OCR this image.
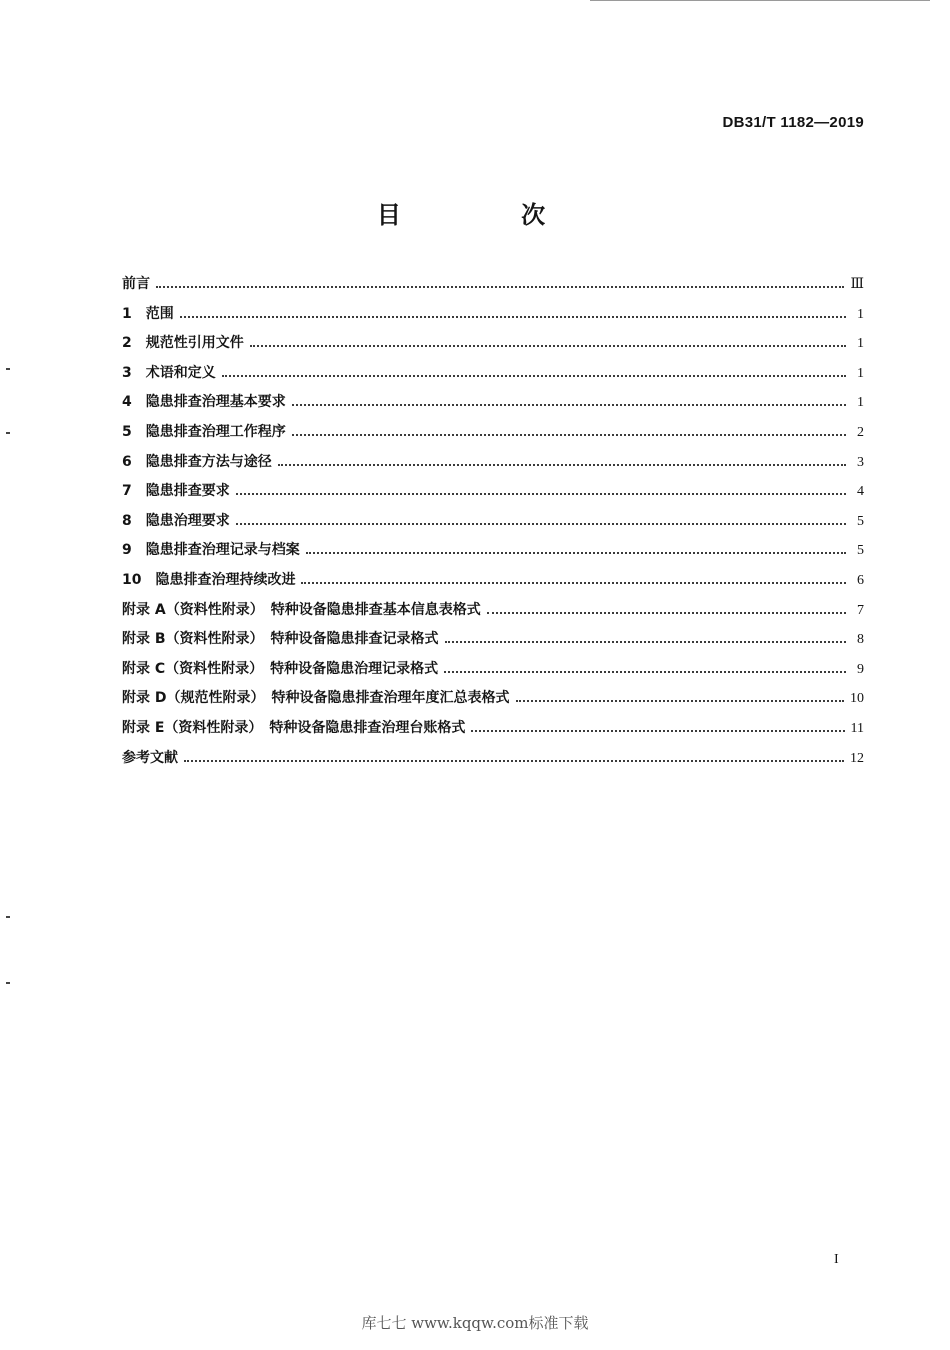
DB31/T 1182—2019
目 次
前言	Ⅲ
1　范围	1
2　规范性引用文件	1
3　术语和定义	1
4　隐患排查治理基本要求	1
5　隐患排查治理工作程序	2
6　隐患排查方法与途径	3
7　隐患排查要求	4
8　隐患治理要求	5
9　隐患排查治理记录与档案	5
10　隐患排查治理持续改进	6
附录 A（资料性附录）　特种设备隐患排查基本信息表格式	7
附录 B（资料性附录）　特种设备隐患排查记录格式	8
附录 C（资料性附录）　特种设备隐患治理记录格式	9
附录 D（规范性附录）　特种设备隐患排查治理年度汇总表格式	10
附录 E（资料性附录）　特种设备隐患排查治理台账格式	11
参考文献	12
I
库七七 www.kqqw.com标准下载
